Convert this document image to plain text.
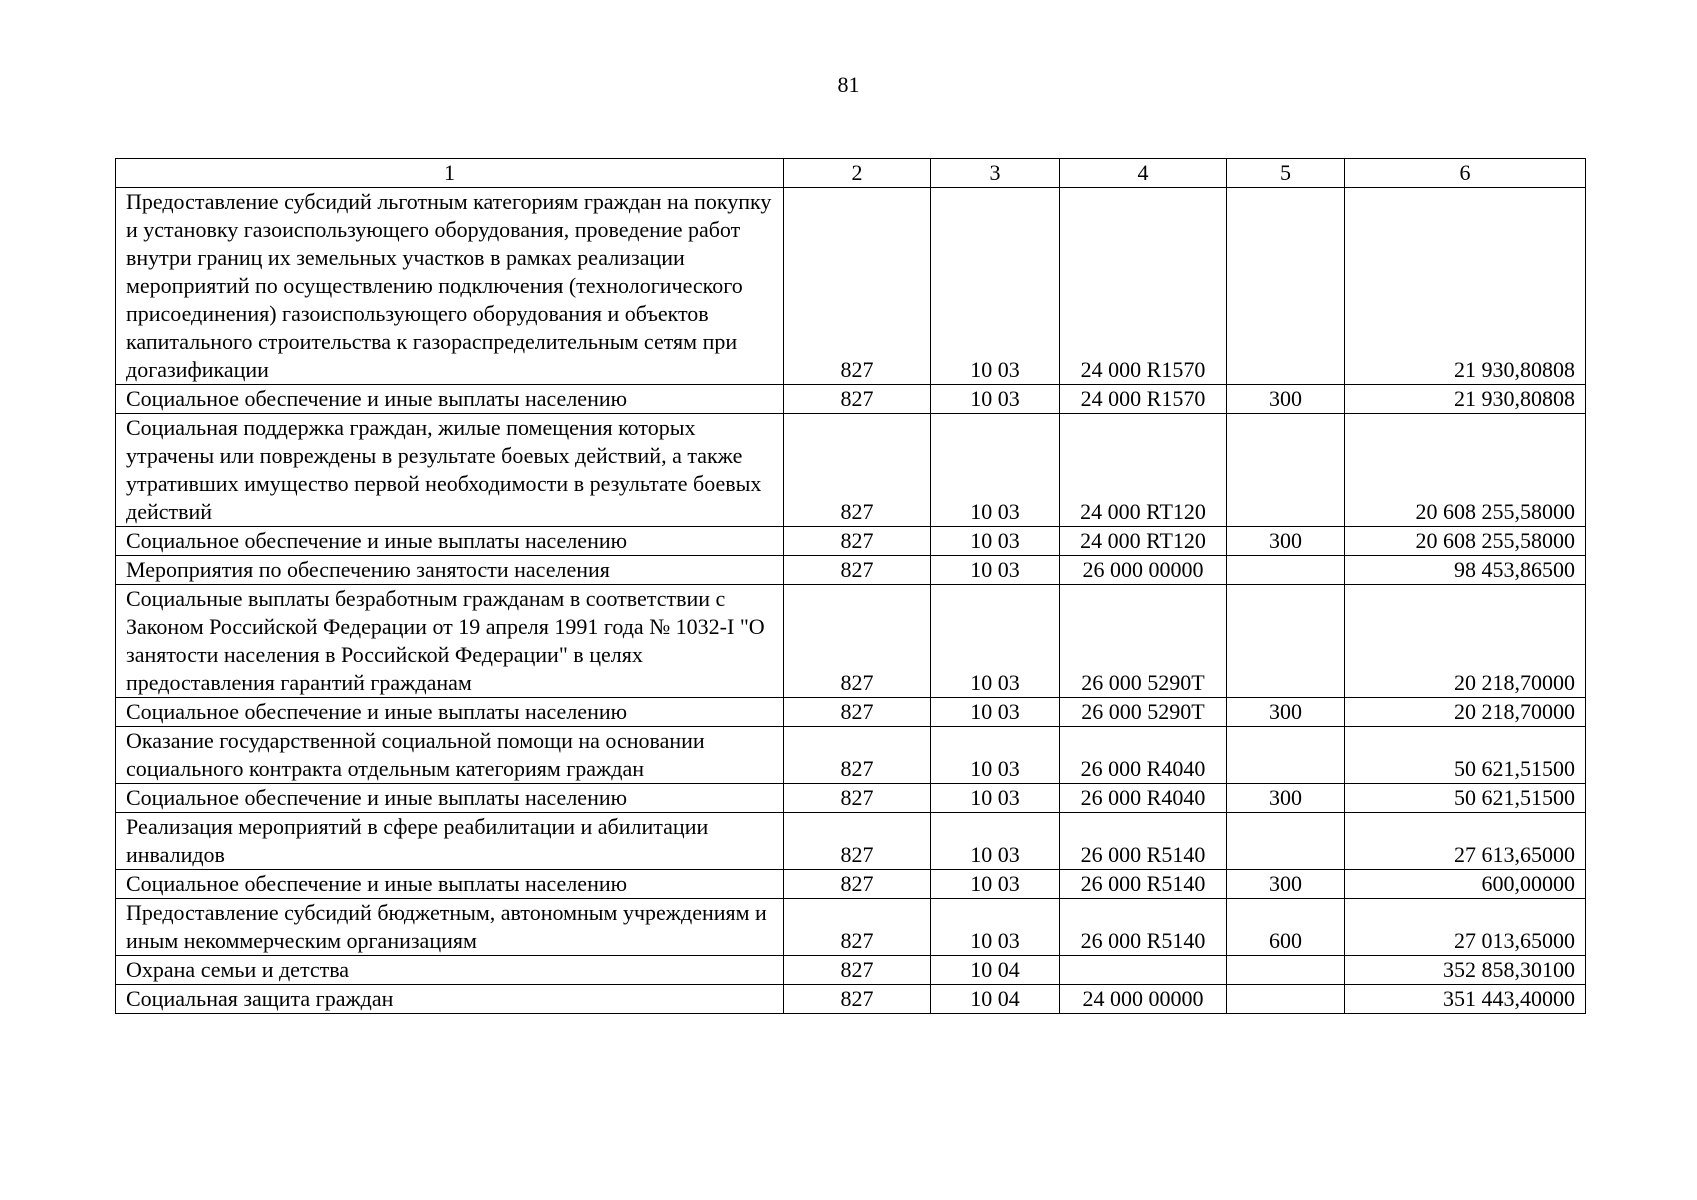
81
1	2	3	4	5	6
Предоставление субсидий льготным категориям граждан на покупку и установку газоиспользующего оборудования, проведение работ внутри границ их земельных участков в рамках реализации мероприятий по осуществлению подключения (технологического присоединения) газоиспользующего оборудования и объектов капитального строительства к газораспределительным сетям при догазификации	827	10 03	24 000 R1570		21 930,80808
Социальное обеспечение и иные выплаты населению	827	10 03	24 000 R1570	300	21 930,80808
Социальная поддержка граждан, жилые помещения которых утрачены или повреждены в результате боевых действий, а также утративших имущество первой необходимости в результате боевых действий	827	10 03	24 000 RT120		20 608 255,58000
Социальное обеспечение и иные выплаты населению	827	10 03	24 000 RT120	300	20 608 255,58000
Мероприятия по обеспечению занятости населения	827	10 03	26 000 00000		98 453,86500
Социальные выплаты безработным гражданам в соответствии с Законом Российской Федерации от 19 апреля 1991 года № 1032-I "О занятости населения в Российской Федерации" в целях предоставления гарантий гражданам	827	10 03	26 000 5290Т		20 218,70000
Социальное обеспечение и иные выплаты населению	827	10 03	26 000 5290Т	300	20 218,70000
Оказание государственной социальной помощи на основании социального контракта отдельным категориям граждан	827	10 03	26 000 R4040		50 621,51500
Социальное обеспечение и иные выплаты населению	827	10 03	26 000 R4040	300	50 621,51500
Реализация мероприятий в сфере реабилитации и абилитации инвалидов	827	10 03	26 000 R5140		27 613,65000
Социальное обеспечение и иные выплаты населению	827	10 03	26 000 R5140	300	600,00000
Предоставление субсидий бюджетным, автономным учреждениям и иным некоммерческим организациям	827	10 03	26 000 R5140	600	27 013,65000
Охрана семьи и детства	827	10 04			352 858,30100
Социальная защита граждан	827	10 04	24 000 00000		351 443,40000
